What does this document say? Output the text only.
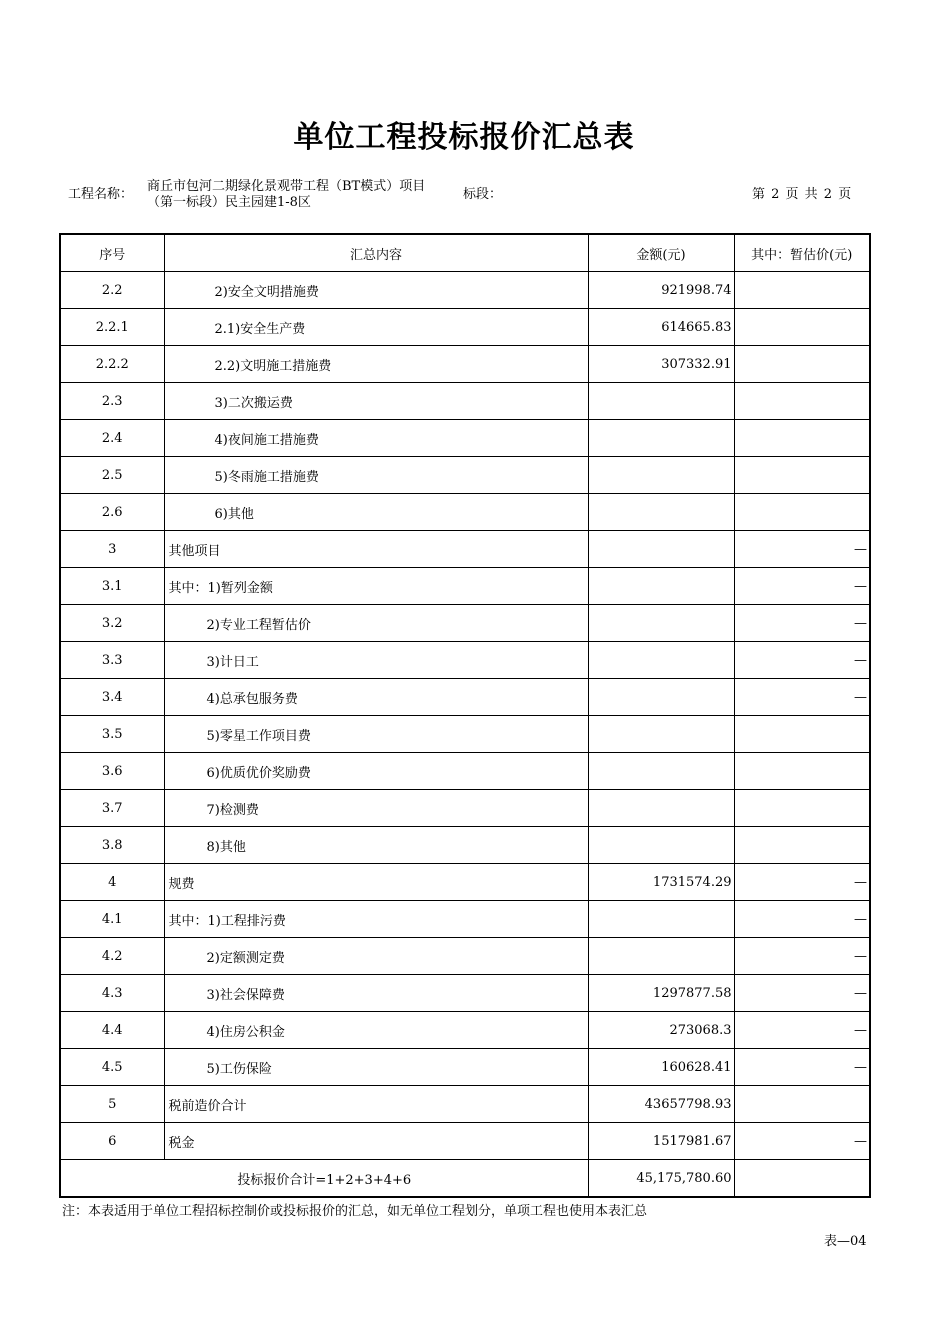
单位工程投标报价汇总表
工程名称：
商丘市包河二期绿化景观带工程（BT模式）项目（第一标段）民主园建1-8区
标段：	第 2 页 共 2 页
序号	汇总内容	金额(元)	其中：暂估价(元)
2.2	2)安全文明措施费	921998.74	
2.2.1	2.1)安全生产费	614665.83	
2.2.2	2.2)文明施工措施费	307332.91	
2.3	3)二次搬运费		
2.4	4)夜间施工措施费		
2.5	5)冬雨施工措施费		
2.6	6)其他		
3	其他项目		—
3.1	其中：1)暂列金额		—
3.2	2)专业工程暂估价		—
3.3	3)计日工		—
3.4	4)总承包服务费		—
3.5	5)零星工作项目费		
3.6	6)优质优价奖励费		
3.7	7)检测费		
3.8	8)其他		
4	规费	1731574.29	—
4.1	其中：1)工程排污费		—
4.2	2)定额测定费		—
4.3	3)社会保障费	1297877.58	—
4.4	4)住房公积金	273068.3	—
4.5	5)工伤保险	160628.41	—
5	税前造价合计	43657798.93	
6	税金	1517981.67	—
投标报价合计=1+2+3+4+6		45,175,780.60	
注：本表适用于单位工程招标控制价或投标报价的汇总，如无单位工程划分，单项工程也使用本表汇总
表—04
